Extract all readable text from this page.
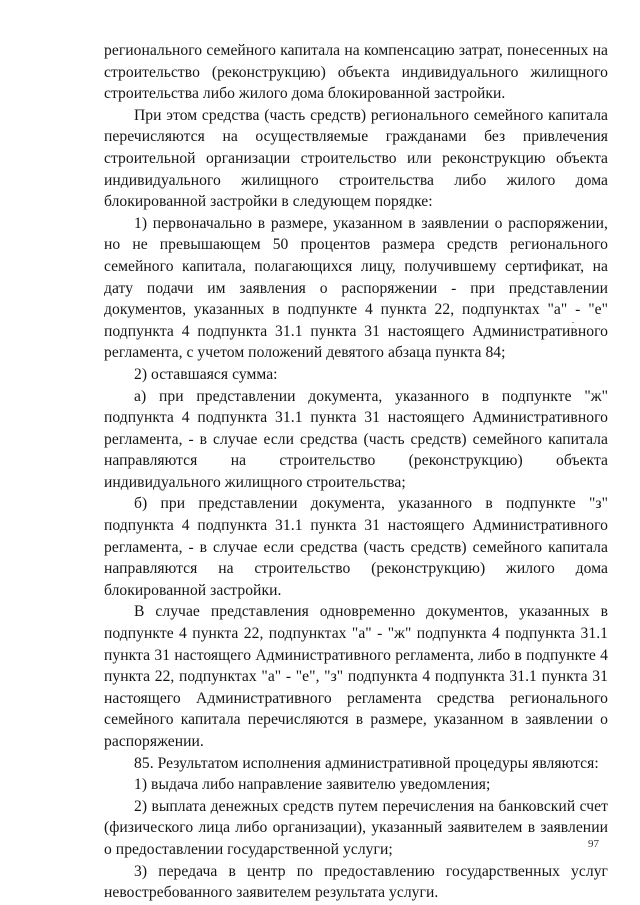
регионального семейного капитала на компенсацию затрат, понесенных на строительство (реконструкцию) объекта индивидуального жилищного строительства либо жилого дома блокированной застройки.

При этом средства (часть средств) регионального семейного капитала перечисляются на осуществляемые гражданами без привлечения строительной организации строительство или реконструкцию объекта индивидуального жилищного строительства либо жилого дома блокированной застройки в следующем порядке:

1) первоначально в размере, указанном в заявлении о распоряжении, но не превышающем 50 процентов размера средств регионального семейного капитала, полагающихся лицу, получившему сертификат, на дату подачи им заявления о распоряжении - при представлении документов, указанных в подпункте 4 пункта 22, подпунктах "а" - "е" подпункта 4 подпункта 31.1 пункта 31 настоящего Административного регламента, с учетом положений девятого абзаца пункта 84;

2) оставшаяся сумма:

а) при представлении документа, указанного в подпункте "ж" подпункта 4 подпункта 31.1 пункта 31 настоящего Административного регламента, - в случае если средства (часть средств) семейного капитала направляются на строительство (реконструкцию) объекта индивидуального жилищного строительства;

б) при представлении документа, указанного в подпункте "з" подпункта 4 подпункта 31.1 пункта 31 настоящего Административного регламента, - в случае если средства (часть средств) семейного капитала направляются на строительство (реконструкцию) жилого дома блокированной застройки.

В случае представления одновременно документов, указанных в подпункте 4 пункта 22, подпунктах "а" - "ж" подпункта 4 подпункта 31.1 пункта 31 настоящего Административного регламента, либо в подпункте 4 пункта 22, подпунктах "а" - "е", "з" подпункта 4 подпункта 31.1 пункта 31 настоящего Административного регламента средства регионального семейного капитала перечисляются в размере, указанном в заявлении о распоряжении.

85. Результатом исполнения административной процедуры являются:

1) выдача либо направление заявителю уведомления;

2) выплата денежных средств путем перечисления на банковский счет (физического лица либо организации), указанный заявителем в заявлении о предоставлении государственной услуги;

3) передача в центр по предоставлению государственных услуг невостребованного заявителем результата услуги.

97
